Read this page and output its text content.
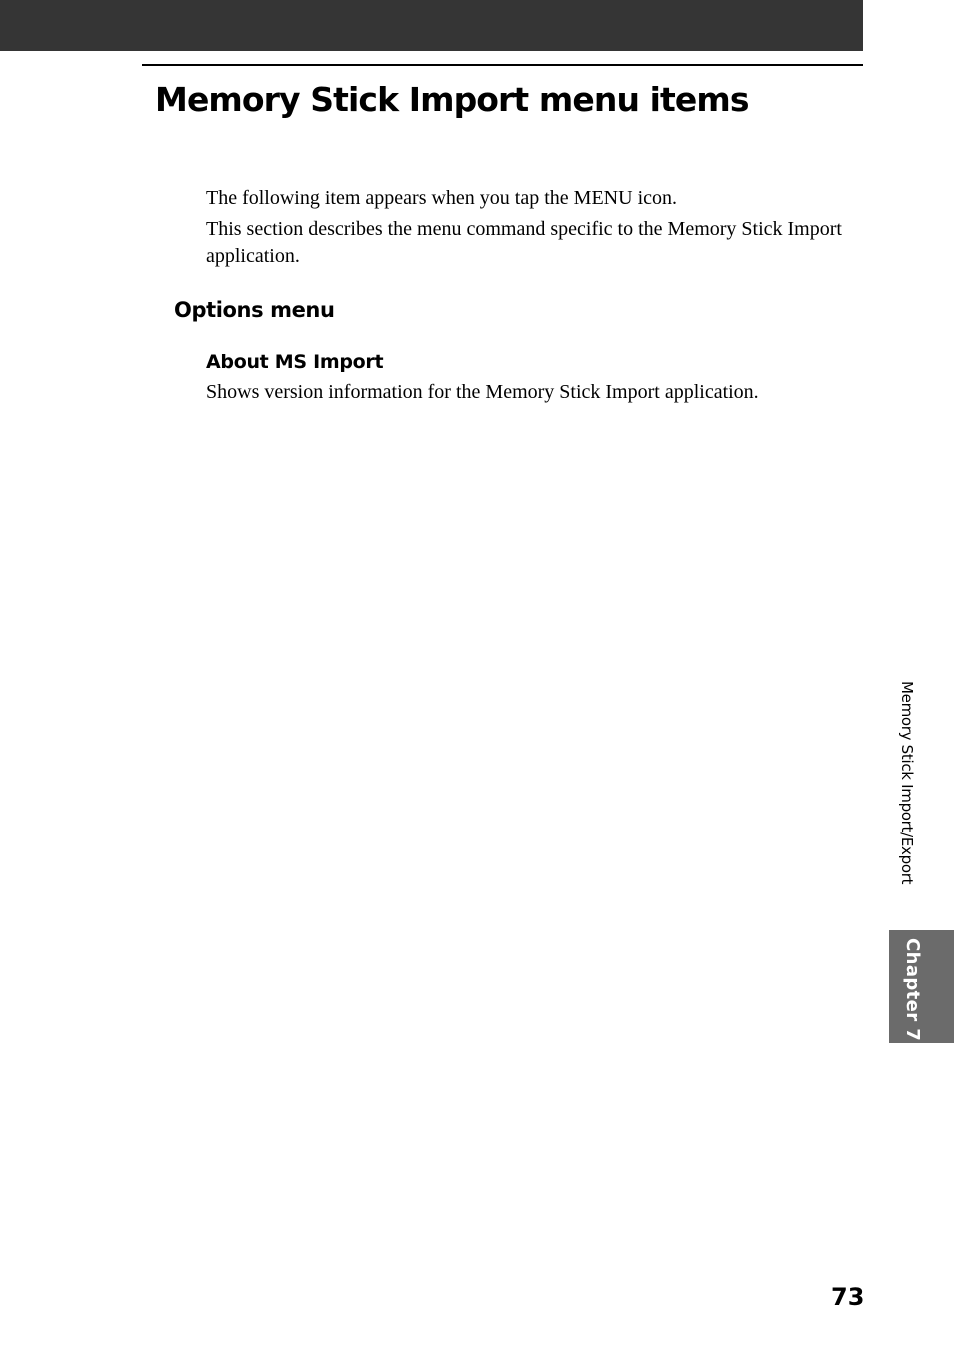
Memory Stick Import menu items

The following item appears when you tap the MENU icon.

This section describes the menu command specific to the Memory Stick Import application.

Options menu
About MS Import

Shows version information for the Memory Stick Import application.

Memory Stick Import/Export
Chapter 7
73
